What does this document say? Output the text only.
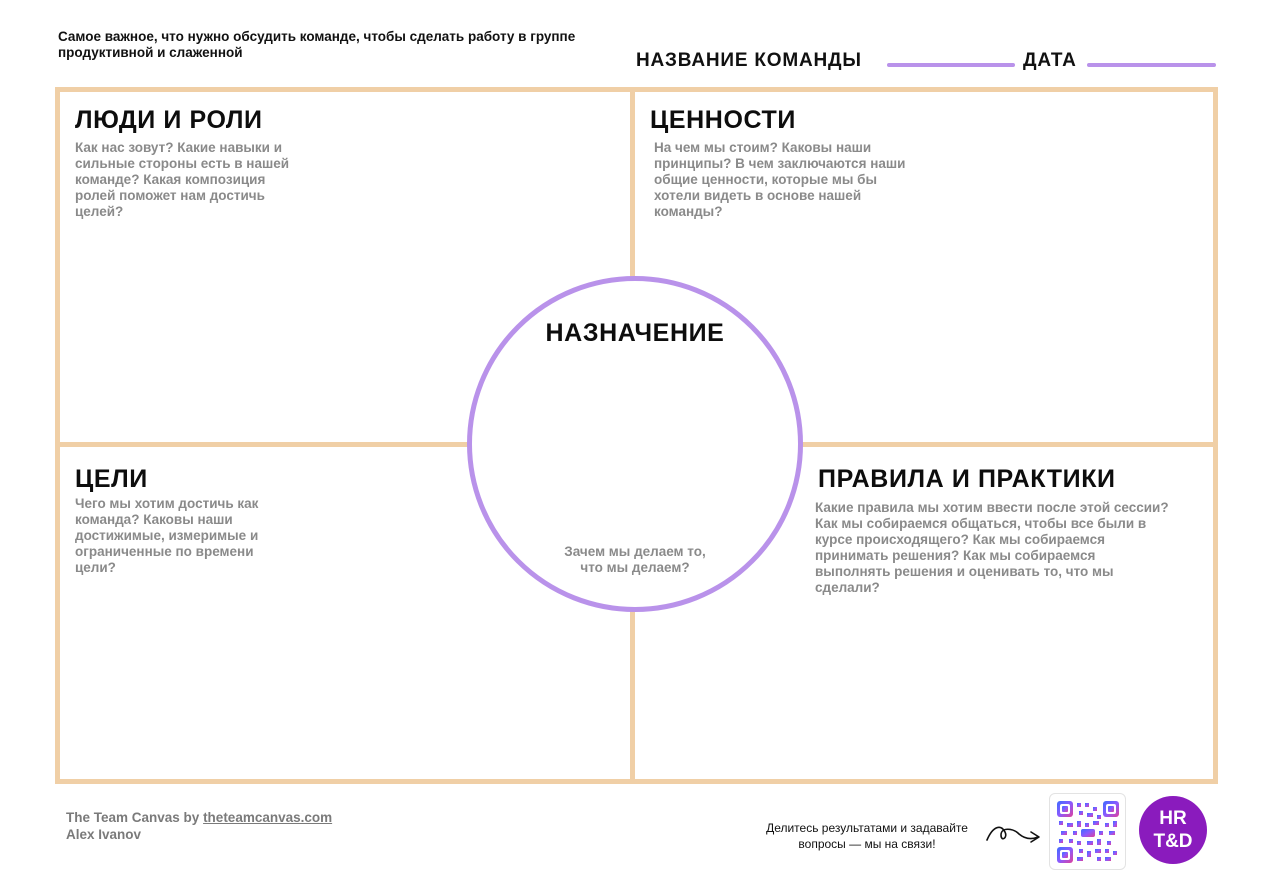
Самое важное, что нужно обсудить команде, чтобы сделать работу в группе
продуктивной и слаженной	НАЗВАНИЕ КОМАНДЫ	ДАТА
ЛЮДИ И РОЛИ
Как нас зовут? Какие навыки и
сильные стороны есть в нашей
команде? Какая композиция
ролей поможет нам достичь
целей?
ЦЕННОСТИ
На чем мы стоим? Каковы наши
принципы? В чем заключаются наши
общие ценности, которые мы бы
хотели видеть в основе нашей
команды?
ЦЕЛИ
Чего мы хотим достичь как
команда? Каковы наши
достижимые, измеримые и
ограниченные по времени
цели?
ПРАВИЛА И ПРАКТИКИ
Какие правила мы хотим ввести после этой сессии?
Как мы собираемся общаться, чтобы все были в
курсе происходящего? Как мы собираемся
принимать решения? Как мы собираемся
выполнять решения и оценивать то, что мы
сделали?
НАЗНАЧЕНИЕ
Зачем мы делаем то,
что мы делаем?
The Team Canvas by theteamcanvas.com
Alex Ivanov	Делитесь результатами и задавайте
вопросы — мы на связи!
HR
T&D
